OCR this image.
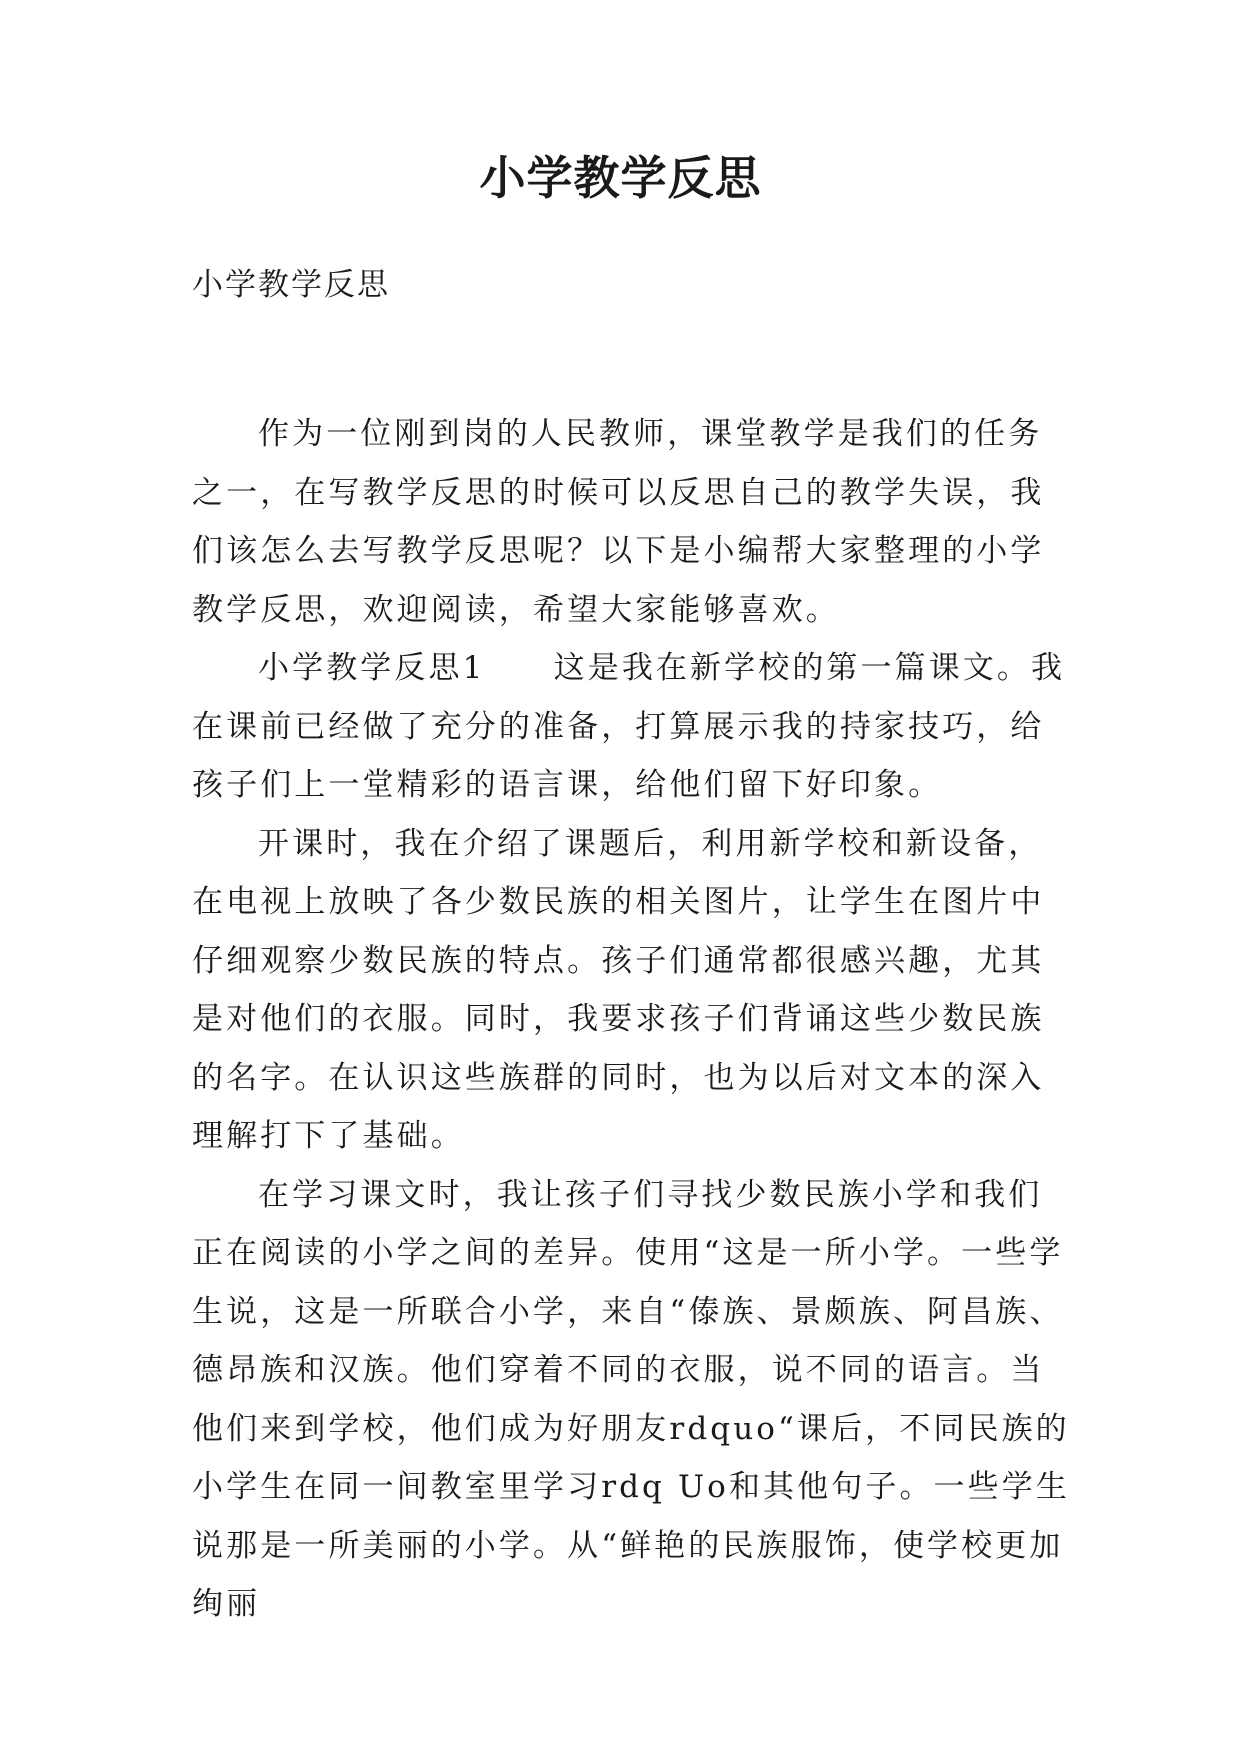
小学教学反思
小学教学反思

作为一位刚到岗的人民教师，课堂教学是我们的任务之一，在写教学反思的时候可以反思自己的教学失误，我们该怎么去写教学反思呢？以下是小编帮大家整理的小学教学反思，欢迎阅读，希望大家能够喜欢。

小学教学反思1　　这是我在新学校的第一篇课文。我在课前已经做了充分的准备，打算展示我的持家技巧，给孩子们上一堂精彩的语言课，给他们留下好印象。

开课时，我在介绍了课题后，利用新学校和新设备，在电视上放映了各少数民族的相关图片，让学生在图片中仔细观察少数民族的特点。孩子们通常都很感兴趣，尤其是对他们的衣服。同时，我要求孩子们背诵这些少数民族的名字。在认识这些族群的同时，也为以后对文本的深入理解打下了基础。

在学习课文时，我让孩子们寻找少数民族小学和我们正在阅读的小学之间的差异。使用“这是一所小学。一些学生说，这是一所联合小学，来自“傣族、景颇族、阿昌族、德昂族和汉族。他们穿着不同的衣服，说不同的语言。当他们来到学校，他们成为好朋友rdquo“课后，不同民族的小学生在同一间教室里学习rdq Uo和其他句子。一些学生说那是一所美丽的小学。从“鲜艳的民族服饰，使学校更加绚丽
